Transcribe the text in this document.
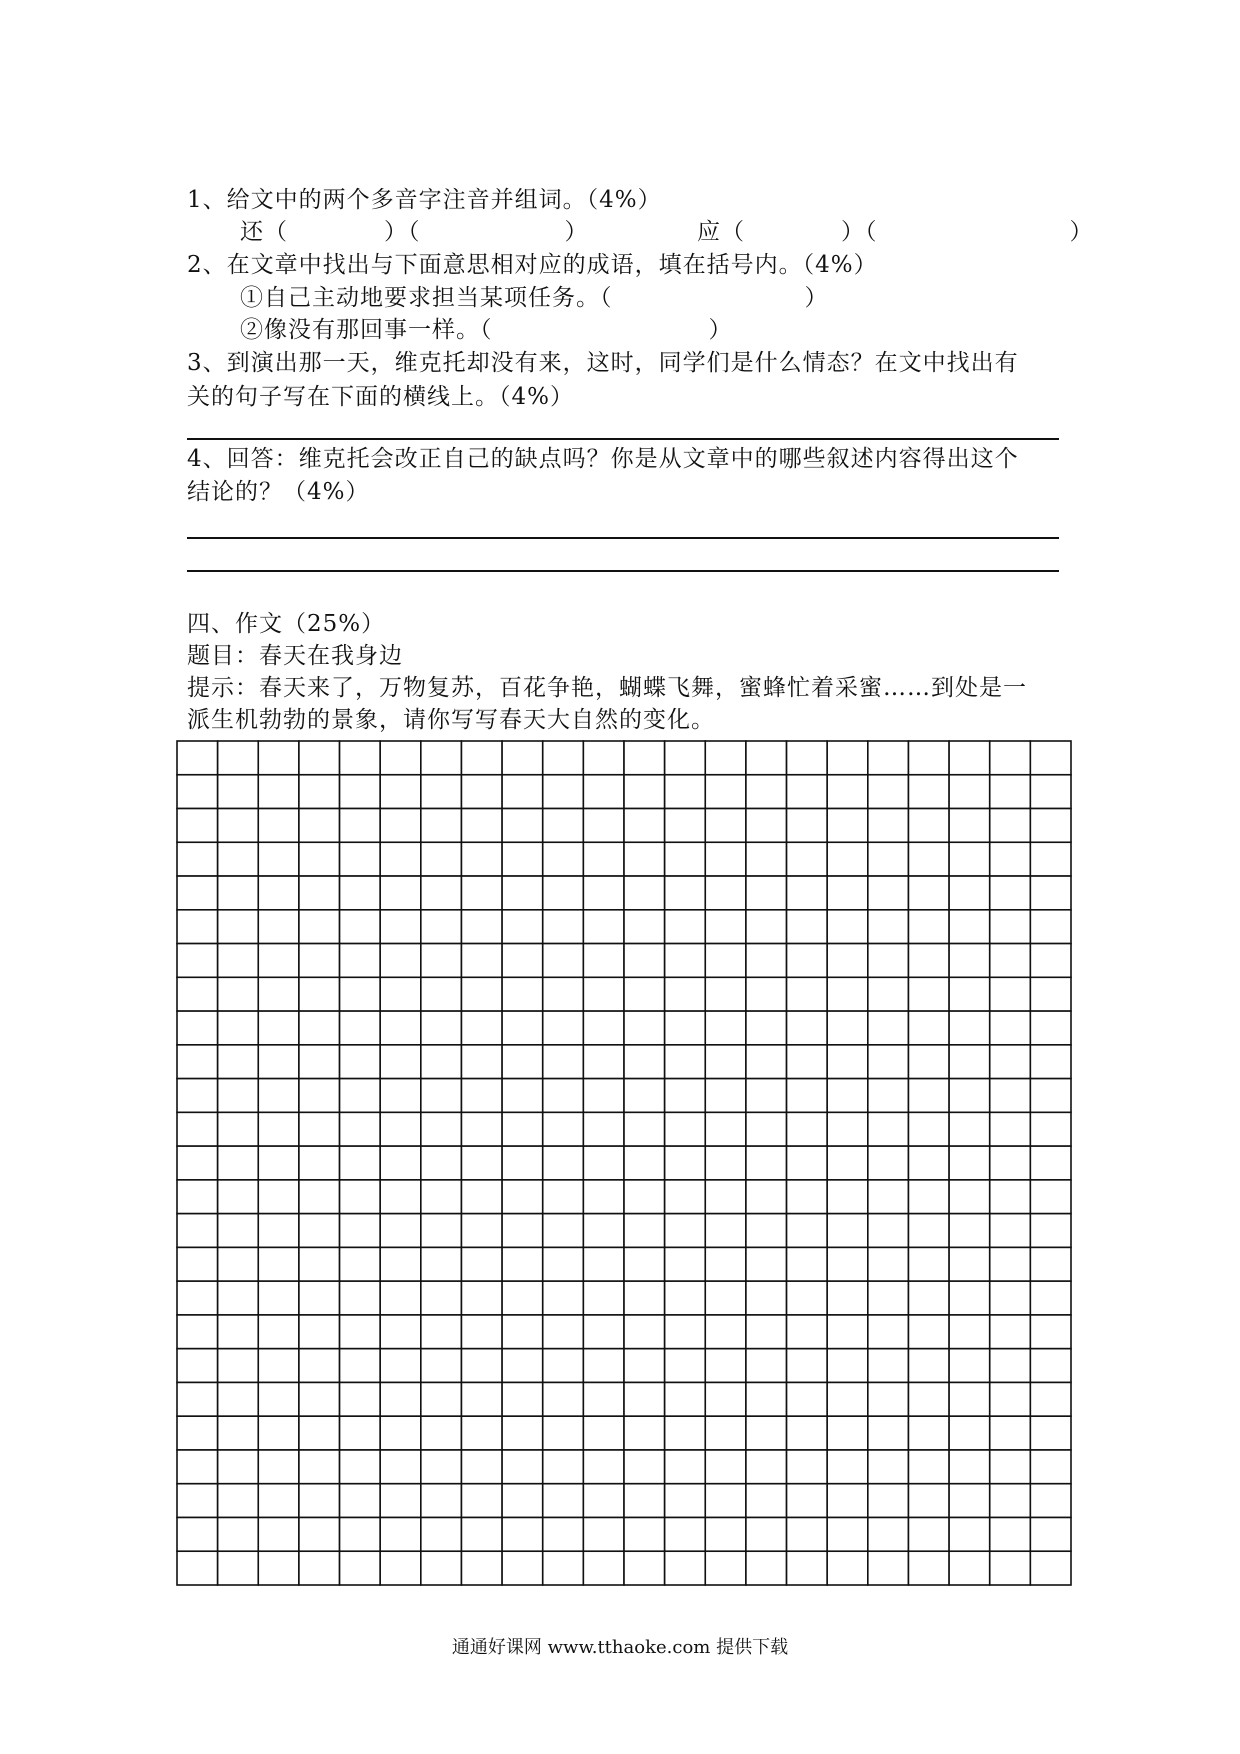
1、给文中的两个多音字注音并组词。（4%）
还（　　　　）（　　　　　　）　　　　　应（　　　　）（　　　　　　　　）
2、在文章中找出与下面意思相对应的成语，填在括号内。（4%）
①自己主动地要求担当某项任务。（　　　　　　　　）
②像没有那回事一样。（　　　　　　　　　）
3、到演出那一天，维克托却没有来，这时，同学们是什么情态？在文中找出有
关的句子写在下面的横线上。（4%）
4、回答：维克托会改正自己的缺点吗？你是从文章中的哪些叙述内容得出这个
结论的？（4%）
四、作文（25%）
题目：春天在我身边
提示：春天来了，万物复苏，百花争艳，蝴蝶飞舞，蜜蜂忙着采蜜……到处是一
派生机勃勃的景象，请你写写春天大自然的变化。
通通好课网 www.tthaoke.com 提供下载
